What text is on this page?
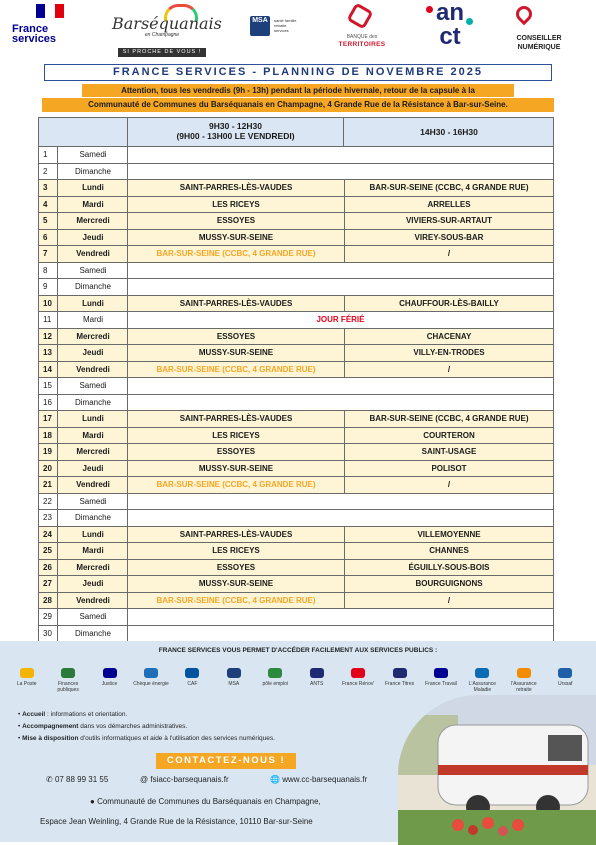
France
services
Barséquanais
en Champagne
SI PROCHE DE VOUS !
MSA	santé famille retraite services
BANQUE des
TERRITOIRES
an
ct	CONSEILLER
NUMÉRIQUE
FRANCE SERVICES - PLANNING DE NOVEMBRE 2025
Attention, tous les vendredis (9h - 13h) pendant la période hivernale, retour de la capsule à la
Communauté de Communes du Barséquanais en Champagne, 4 Grande Rue de la Résistance à Bar-sur-Seine.
9H30 - 12H30
(9H00 - 13H00 LE VENDREDI)	14H30 - 16H30
1	Samedi
2	Dimanche
3	Lundi	SAINT-PARRES-LÈS-VAUDES	BAR-SUR-SEINE (CCBC, 4 GRANDE RUE)
4	Mardi	LES RICEYS	ARRELLES
5	Mercredi	ESSOYES	VIVIERS-SUR-ARTAUT
6	Jeudi	MUSSY-SUR-SEINE	VIREY-SOUS-BAR
7	Vendredi	BAR-SUR-SEINE (CCBC, 4 GRANDE RUE)	/
8	Samedi
9	Dimanche
10	Lundi	SAINT-PARRES-LÈS-VAUDES	CHAUFFOUR-LÈS-BAILLY
11	Mardi	JOUR FÉRIÉ
12	Mercredi	ESSOYES	CHACENAY
13	Jeudi	MUSSY-SUR-SEINE	VILLY-EN-TRODES
14	Vendredi	BAR-SUR-SEINE (CCBC, 4 GRANDE RUE)	/
15	Samedi
16	Dimanche
17	Lundi	SAINT-PARRES-LÈS-VAUDES	BAR-SUR-SEINE (CCBC, 4 GRANDE RUE)
18	Mardi	LES RICEYS	COURTERON
19	Mercredi	ESSOYES	SAINT-USAGE
20	Jeudi	MUSSY-SUR-SEINE	POLISOT
21	Vendredi	BAR-SUR-SEINE (CCBC, 4 GRANDE RUE)	/
22	Samedi
23	Dimanche
24	Lundi	SAINT-PARRES-LÈS-VAUDES	VILLEMOYENNE
25	Mardi	LES RICEYS	CHANNES
26	Mercredi	ESSOYES	ÉGUILLY-SOUS-BOIS
27	Jeudi	MUSSY-SUR-SEINE	BOURGUIGNONS
28	Vendredi	BAR-SUR-SEINE (CCBC, 4 GRANDE RUE)	/
29	Samedi
30	Dimanche
FRANCE SERVICES VOUS PERMET D'ACCÉDER FACILEMENT AUX SERVICES PUBLICS :
La Poste	Finances publiques
Justice	Chèque énergie	CAF	MSA	pôle emploi	ANTS	France Rénov'	France Titres	France Travail	L'Assurance Maladie
l'Assurance retraite
Urssaf
• Accueil : informations et orientation.
• Accompagnement dans vos démarches administratives.
• Mise à disposition d'outils informatiques et aide à l'utilisation des services numériques.
CONTACTEZ-NOUS !
✆ 07 88 99 31 55	@ fsiacc-barsequanais.fr	🌐 www.cc-barsequanais.fr
● Communauté de Communes du Barséquanais en Champagne,
Espace Jean Weinling, 4 Grande Rue de la Résistance, 10110 Bar-sur-Seine
